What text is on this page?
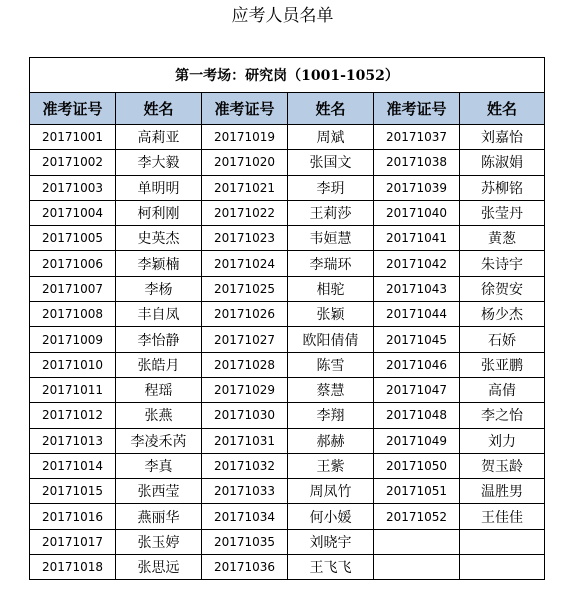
应考人员名单
第一考场：研究岗（1001-1052）					
准考证号	姓名	准考证号	姓名	准考证号	姓名
20171001	高莉亚	20171019	周斌	20171037	刘嘉怡
20171002	李大毅	20171020	张国文	20171038	陈淑娟
20171003	单明明	20171021	李玥	20171039	苏柳铭
20171004	柯利刚	20171022	王莉莎	20171040	张莹丹
20171005	史英杰	20171023	韦姮慧	20171041	黄葱
20171006	李颖楠	20171024	李瑞环	20171042	朱诗宇
20171007	李杨	20171025	相驼	20171043	徐贺安
20171008	丰自凤	20171026	张颖	20171044	杨少杰
20171009	李怡静	20171027	欧阳倩倩	20171045	石娇
20171010	张皓月	20171028	陈雪	20171046	张亚鹏
20171011	程瑶	20171029	蔡慧	20171047	高倩
20171012	张燕	20171030	李翔	20171048	李之怡
20171013	李凌禾芮	20171031	郝赫	20171049	刘力
20171014	李真	20171032	王紫	20171050	贺玉龄
20171015	张西莹	20171033	周凤竹	20171051	温胜男
20171016	燕丽华	20171034	何小媛	20171052	王佳佳
20171017	张玉婷	20171035	刘晓宇		
20171018	张思远	20171036	王飞飞		
